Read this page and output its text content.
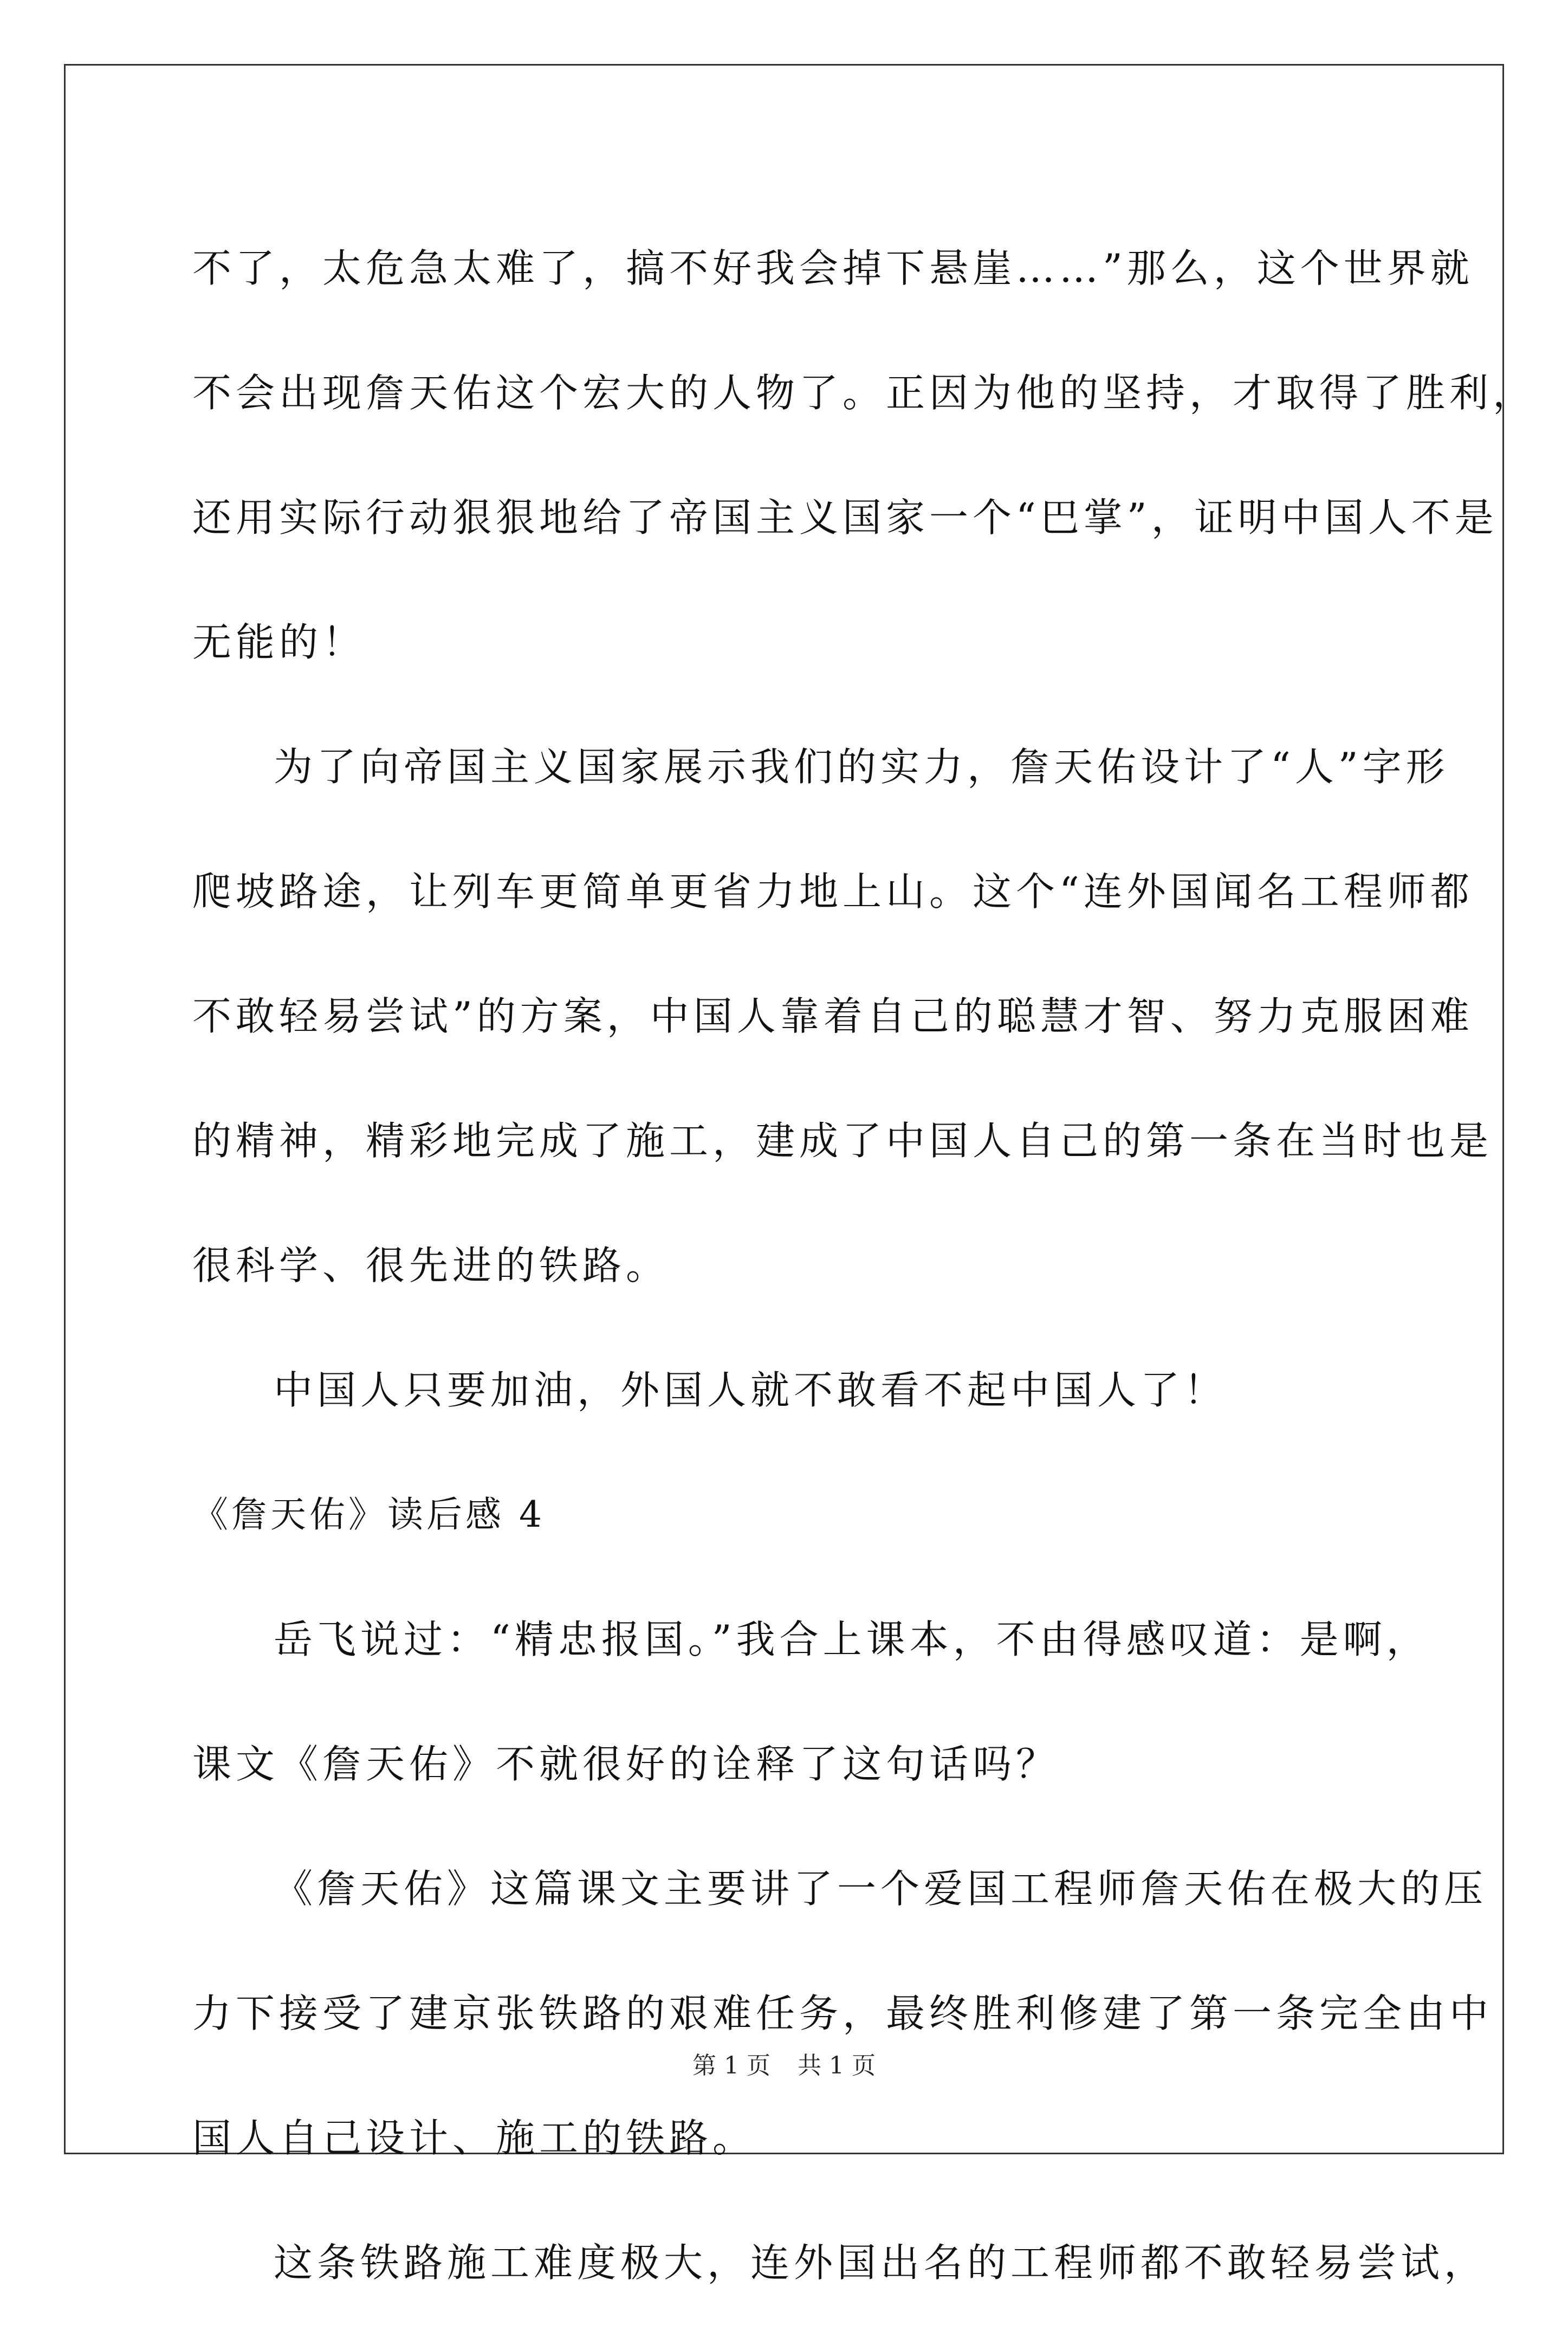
不了，太危急太难了，搞不好我会掉下悬崖……”那么，这个世界就
不会出现詹天佑这个宏大的人物了。正因为他的坚持，才取得了胜利，
还用实际行动狠狠地给了帝国主义国家一个“巴掌”，证明中国人不是
无能的！
为了向帝国主义国家展示我们的实力，詹天佑设计了“人”字形
爬坡路途，让列车更简单更省力地上山。这个“连外国闻名工程师都
不敢轻易尝试”的方案，中国人靠着自己的聪慧才智、努力克服困难
的精神，精彩地完成了施工，建成了中国人自己的第一条在当时也是
很科学、很先进的铁路。
中国人只要加油，外国人就不敢看不起中国人了！
《詹天佑》读后感 4
岳飞说过：“精忠报国。”我合上课本，不由得感叹道：是啊，
课文《詹天佑》不就很好的诠释了这句话吗？
《詹天佑》这篇课文主要讲了一个爱国工程师詹天佑在极大的压
力下接受了建京张铁路的艰难任务，最终胜利修建了第一条完全由中
国人自己设计、施工的铁路。
这条铁路施工难度极大，连外国出名的工程师都不敢轻易尝试，
第 1 页 共 1 页
